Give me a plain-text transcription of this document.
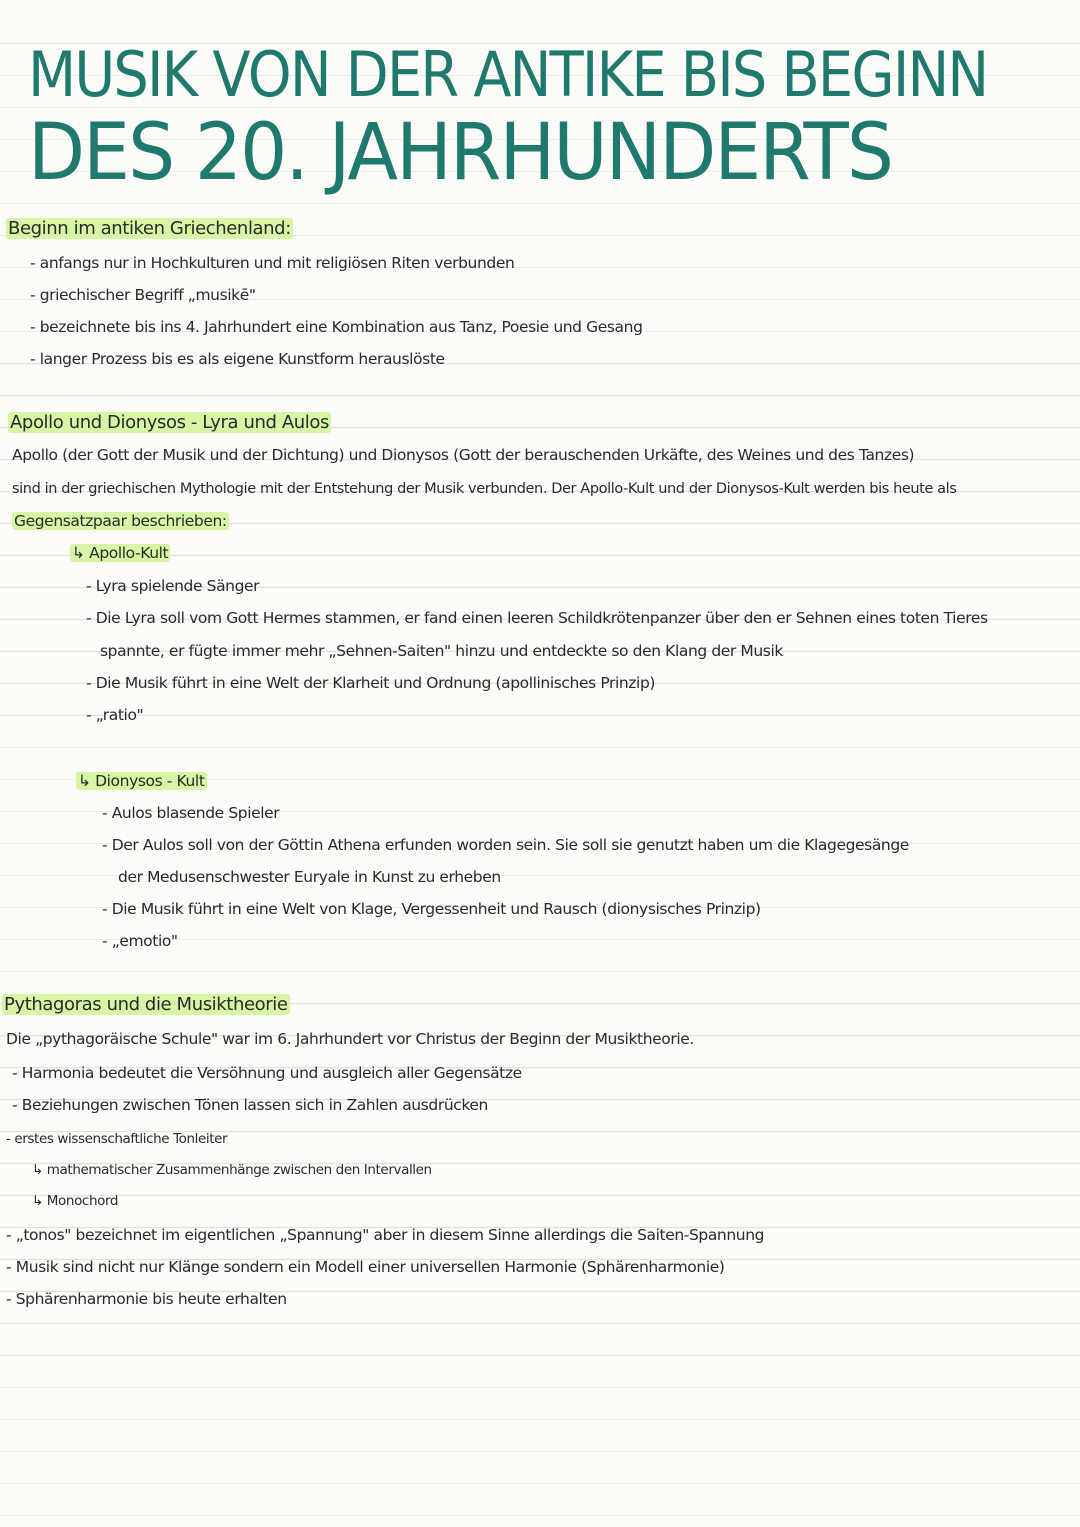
MUSIK VON DER ANTIKE BIS BEGINN
DES 20. JAHRHUNDERTS
Beginn im antiken Griechenland:
- anfangs nur in Hochkulturen und mit religiösen Riten verbunden
- griechischer Begriff „musikē"
- bezeichnete bis ins 4. Jahrhundert eine Kombination aus Tanz, Poesie und Gesang
- langer Prozess bis es als eigene Kunstform herauslöste
Apollo und Dionysos - Lyra und Aulos
Apollo (der Gott der Musik und der Dichtung) und Dionysos (Gott der berauschenden Urkäfte, des Weines und des Tanzes)
sind in der griechischen Mythologie mit der Entstehung der Musik verbunden. Der Apollo-Kult und der Dionysos-Kult werden bis heute als
Gegensatzpaar beschrieben:
↳ Apollo-Kult
- Lyra spielende Sänger
- Die Lyra soll vom Gott Hermes stammen, er fand einen leeren Schildkrötenpanzer über den er Sehnen eines toten Tieres
spannte, er fügte immer mehr „Sehnen-Saiten" hinzu und entdeckte so den Klang der Musik
- Die Musik führt in eine Welt der Klarheit und Ordnung (apollinisches Prinzip)
- „ratio"
↳ Dionysos - Kult
- Aulos blasende Spieler
- Der Aulos soll von der Göttin Athena erfunden worden sein. Sie soll sie genutzt haben um die Klagegesänge
der Medusenschwester Euryale in Kunst zu erheben
- Die Musik führt in eine Welt von Klage, Vergessenheit und Rausch (dionysisches Prinzip)
- „emotio"
Pythagoras und die Musiktheorie
Die „pythagoräische Schule" war im 6. Jahrhundert vor Christus der Beginn der Musiktheorie.
- Harmonia bedeutet die Versöhnung und ausgleich aller Gegensätze
- Beziehungen zwischen Tönen lassen sich in Zahlen ausdrücken
- erstes wissenschaftliche Tonleiter
↳ mathematischer Zusammenhänge zwischen den Intervallen
↳ Monochord
- „tonos" bezeichnet im eigentlichen „Spannung" aber in diesem Sinne allerdings die Saiten-Spannung
- Musik sind nicht nur Klänge sondern ein Modell einer universellen Harmonie (Sphärenharmonie)
- Sphärenharmonie bis heute erhalten
